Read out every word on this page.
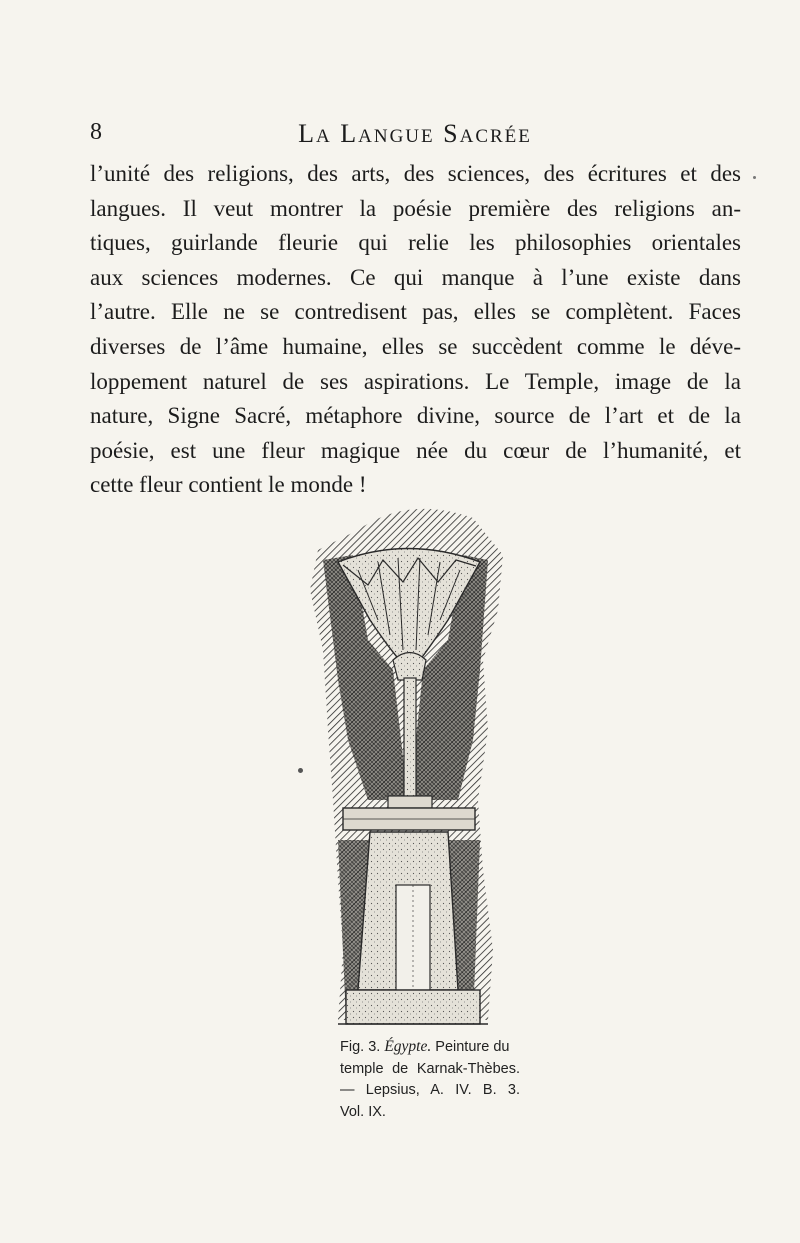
8	LA LANGUE SACRÉE
l’unité des religions, des arts, des sciences, des écritures et des
langues. Il veut montrer la poésie première des religions an-
tiques, guirlande fleurie qui relie les philosophies orientales
aux sciences modernes. Ce qui manque à l’une existe dans
l’autre. Elle ne se contredisent pas, elles se complètent. Faces
diverses de l’âme humaine, elles se succèdent comme le déve-
loppement naturel de ses aspirations. Le Temple, image de la
nature, Signe Sacré, métaphore divine, source de l’art et de la
poésie, est une fleur magique née du cœur de l’humanité, et
cette fleur contient le monde !
Fig. 3. Égypte. Peinture du
temple de Karnak-Thèbes.
— Lepsius, A. IV. B. 3.
Vol. IX.
